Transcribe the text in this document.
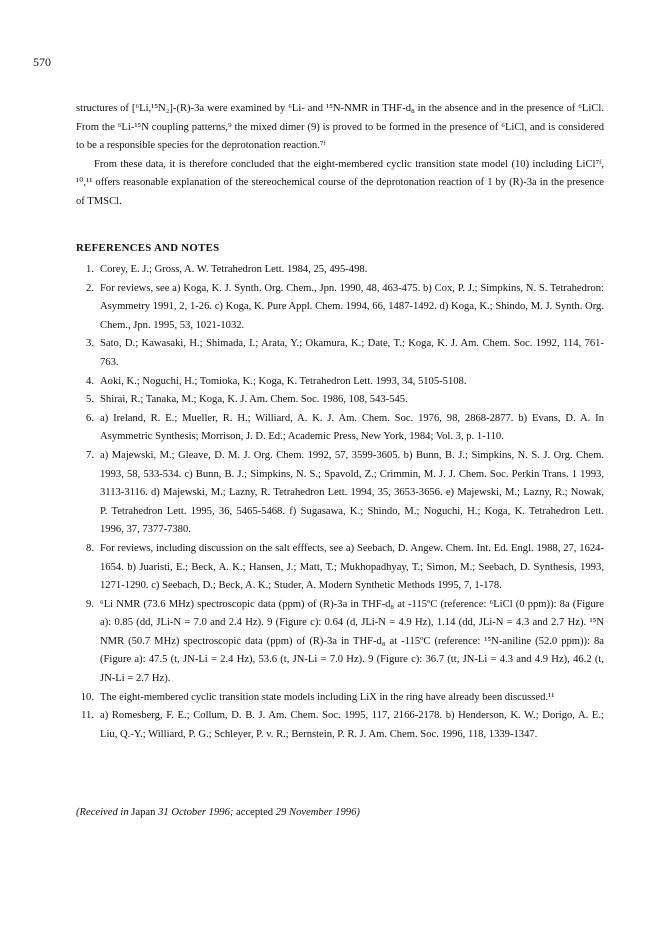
570

structures of [⁶Li,¹⁵N₂]-(R)-3a were examined by ⁶Li- and ¹⁵N-NMR in THF-d₈ in the absence and in the presence of ⁶LiCl. From the ⁶Li-¹⁵N coupling patterns,⁹ the mixed dimer (9) is proved to be formed in the presence of ⁶LiCl, and is considered to be a responsible species for the deprotonation reaction.⁷ᶠ

From these data, it is therefore concluded that the eight-membered cyclic transition state model (10) including LiCl⁷ᶠ, ¹⁰,¹¹ offers reasonable explanation of the stereochemical course of the deprotonation reaction of 1 by (R)-3a in the presence of TMSCl.

REFERENCES AND NOTES
1. Corey, E. J.; Gross, A. W. Tetrahedron Lett. 1984, 25, 495-498.
2. For reviews, see a) Koga, K. J. Synth. Org. Chem., Jpn. 1990, 48, 463-475. b) Cox, P. J.; Simpkins, N. S. Tetrahedron: Asymmetry 1991, 2, 1-26. c) Koga, K. Pure Appl. Chem. 1994, 66, 1487-1492. d) Koga, K.; Shindo, M. J. Synth. Org. Chem., Jpn. 1995, 53, 1021-1032.
3. Sato, D.; Kawasaki, H.; Shimada, I.; Arata, Y.; Okamura, K.; Date, T.; Koga, K. J. Am. Chem. Soc. 1992, 114, 761-763.
4. Aoki, K.; Noguchi, H.; Tomioka, K.; Koga, K. Tetrahedron Lett. 1993, 34, 5105-5108.
5. Shirai, R.; Tanaka, M.; Koga, K. J. Am. Chem. Soc. 1986, 108, 543-545.
6. a) Ireland, R. E.; Mueller, R. H.; Williard, A. K. J. Am. Chem. Soc. 1976, 98, 2868-2877. b) Evans, D. A. In Asymmetric Synthesis; Morrison, J. D. Ed.; Academic Press, New York, 1984; Vol. 3, p. 1-110.
7. a) Majewski, M.; Gleave, D. M. J. Org. Chem. 1992, 57, 3599-3605. b) Bunn, B. J.; Simpkins, N. S. J. Org. Chem. 1993, 58, 533-534. c) Bunn, B. J.; Simpkins, N. S.; Spavold, Z.; Crimmin, M. J. J. Chem. Soc. Perkin Trans. 1 1993, 3113-3116. d) Majewski, M.; Lazny, R. Tetrahedron Lett. 1994, 35, 3653-3656. e) Majewski, M.; Lazny, R.; Nowak, P. Tetrahedron Lett. 1995, 36, 5465-5468. f) Sugasawa, K.; Shindo, M.; Noguchi, H.; Koga, K. Tetrahedron Lett. 1996, 37, 7377-7380.
8. For reviews, including discussion on the salt efffects, see a) Seebach, D. Angew. Chem. Int. Ed. Engl. 1988, 27, 1624-1654. b) Juaristi, E.; Beck, A. K.; Hansen, J.; Matt, T.; Mukhopadhyay, T.; Simon, M.; Seebach, D. Synthesis, 1993, 1271-1290. c) Seebach, D.; Beck, A. K.; Studer, A. Modern Synthetic Methods 1995, 7, 1-178.
9. ⁶Li NMR (73.6 MHz) spectroscopic data (ppm) of (R)-3a in THF-d₈ at -115ºC (reference: ⁶LiCl (0 ppm)): 8a (Figure a): 0.85 (dd, JLi-N = 7.0 and 2.4 Hz). 9 (Figure c): 0.64 (d, JLi-N = 4.9 Hz), 1.14 (dd, JLi-N = 4.3 and 2.7 Hz). ¹⁵N NMR (50.7 MHz) spectroscopic data (ppm) of (R)-3a in THF-d₈ at -115ºC (reference: ¹⁵N-aniline (52.0 ppm)): 8a (Figure a): 47.5 (t, JN-Li = 2.4 Hz), 53.6 (t, JN-Li = 7.0 Hz). 9 (Figure c): 36.7 (tt, JN-Li = 4.3 and 4.9 Hz), 46.2 (t, JN-Li = 2.7 Hz).
10. The eight-membered cyclic transition state models including LiX in the ring have already been discussed.¹¹
11. a) Romesberg, F. E.; Collum, D. B. J. Am. Chem. Soc. 1995, 117, 2166-2178. b) Henderson, K. W.; Dorigo, A. E.; Liu, Q.-Y.; Williard, P. G.; Schleyer, P. v. R.; Bernstein, P. R. J. Am. Chem. Soc. 1996, 118, 1339-1347.
(Received in Japan 31 October 1996; accepted 29 November 1996)
